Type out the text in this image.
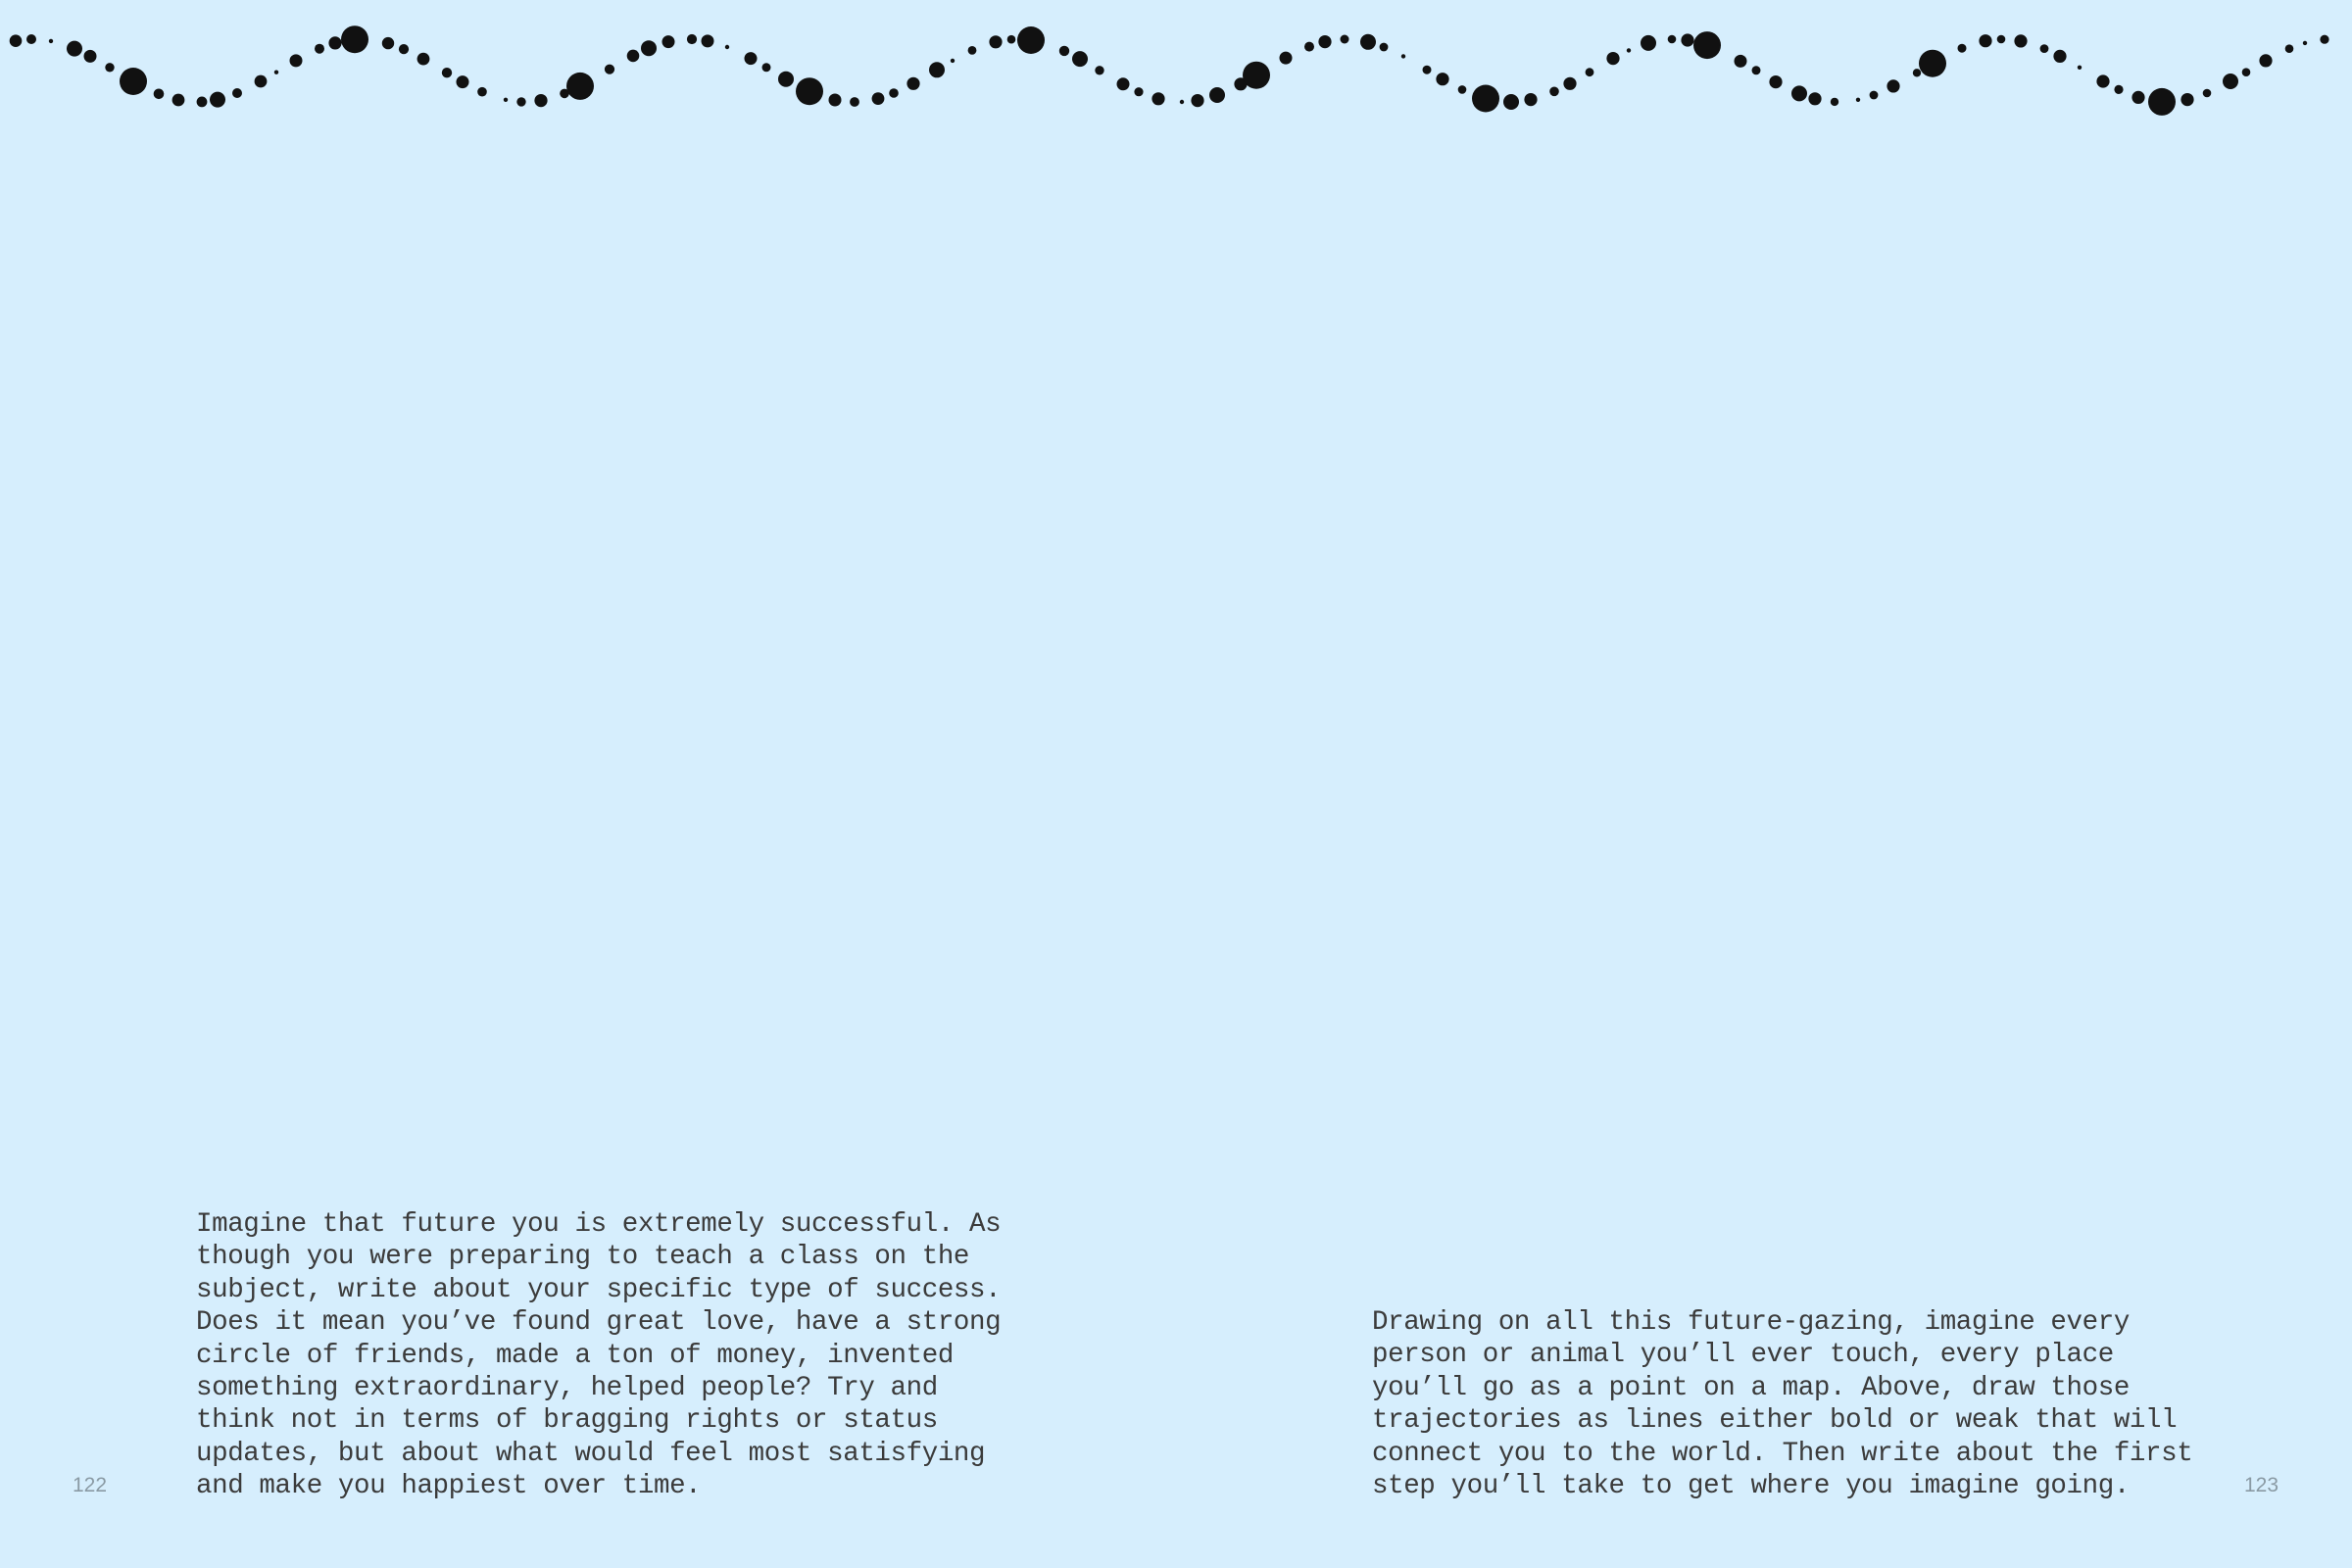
Imagine that future you is extremely successful. As
though you were preparing to teach a class on the
subject, write about your specific type of success.
Does it mean you’ve found great love, have a strong
circle of friends, made a ton of money, invented
something extraordinary, helped people? Try and
think not in terms of bragging rights or status
updates, but about what would feel most satisfying
and make you happiest over time.

122

Drawing on all this future-gazing, imagine every
person or animal you’ll ever touch, every place
you’ll go as a point on a map. Above, draw those
trajectories as lines either bold or weak that will
connect you to the world. Then write about the first
step you’ll take to get where you imagine going.	123
